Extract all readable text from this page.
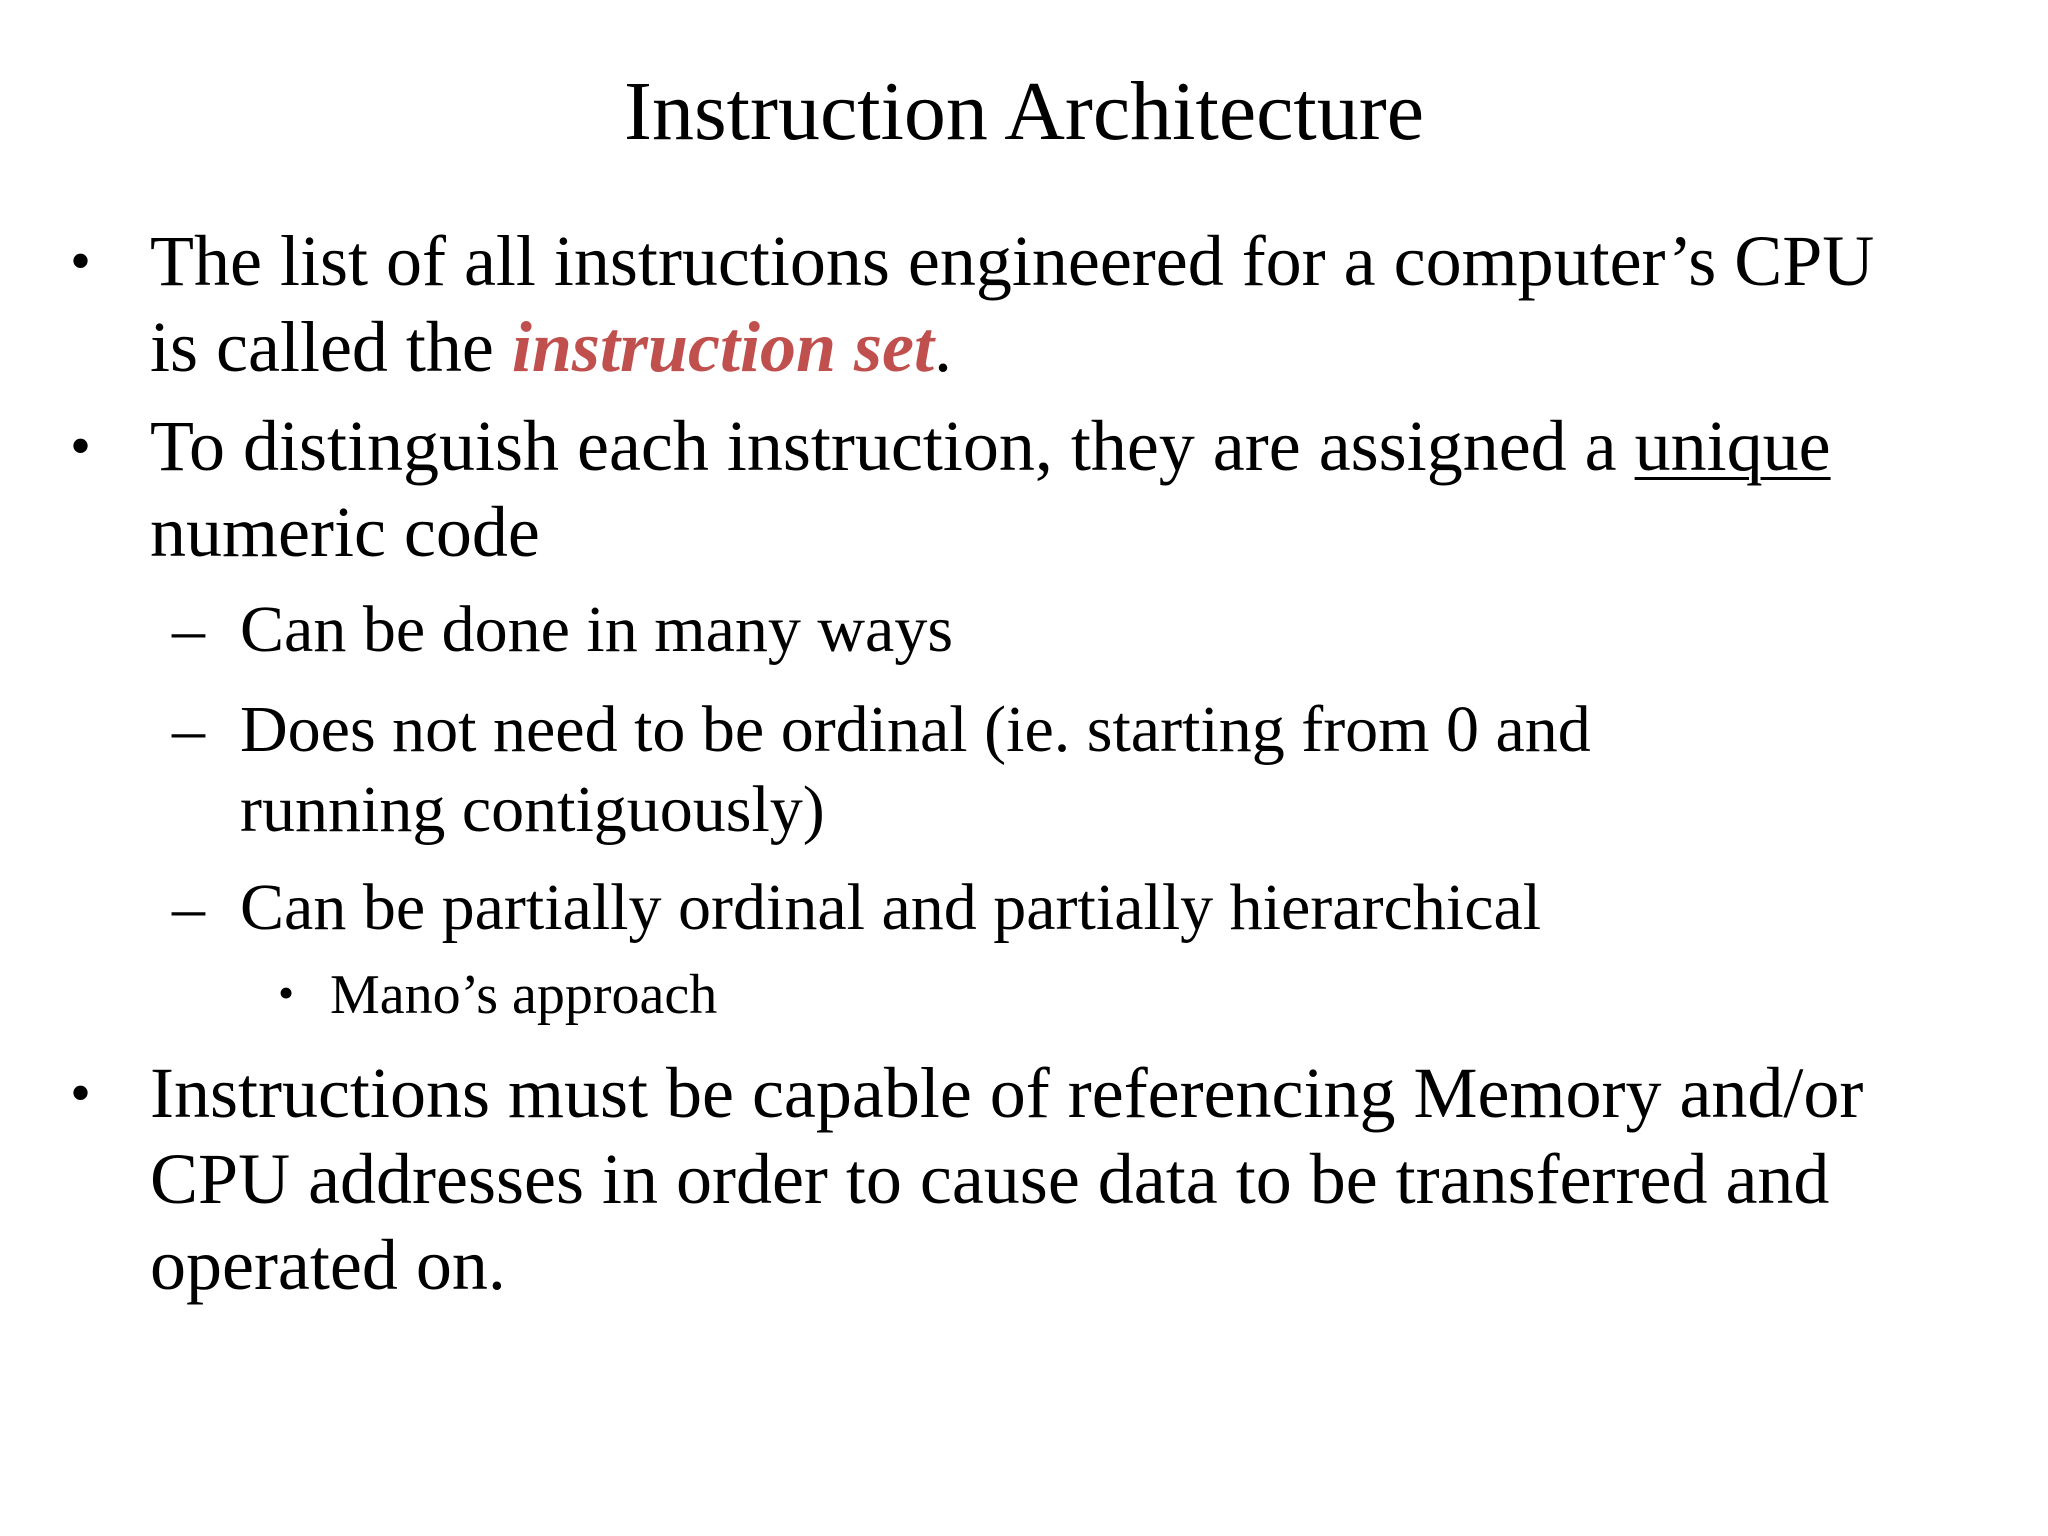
Instruction Architecture
• The list of all instructions engineered for a computer’s CPU
is called the instruction set.
• To distinguish each instruction, they are assigned a unique
numeric code
– Can be done in many ways
– Does not need to be ordinal (ie. starting from 0 and
running contiguously)
– Can be partially ordinal and partially hierarchical
• Mano’s approach
• Instructions must be capable of referencing Memory and/or
CPU addresses in order to cause data to be transferred and
operated on.
